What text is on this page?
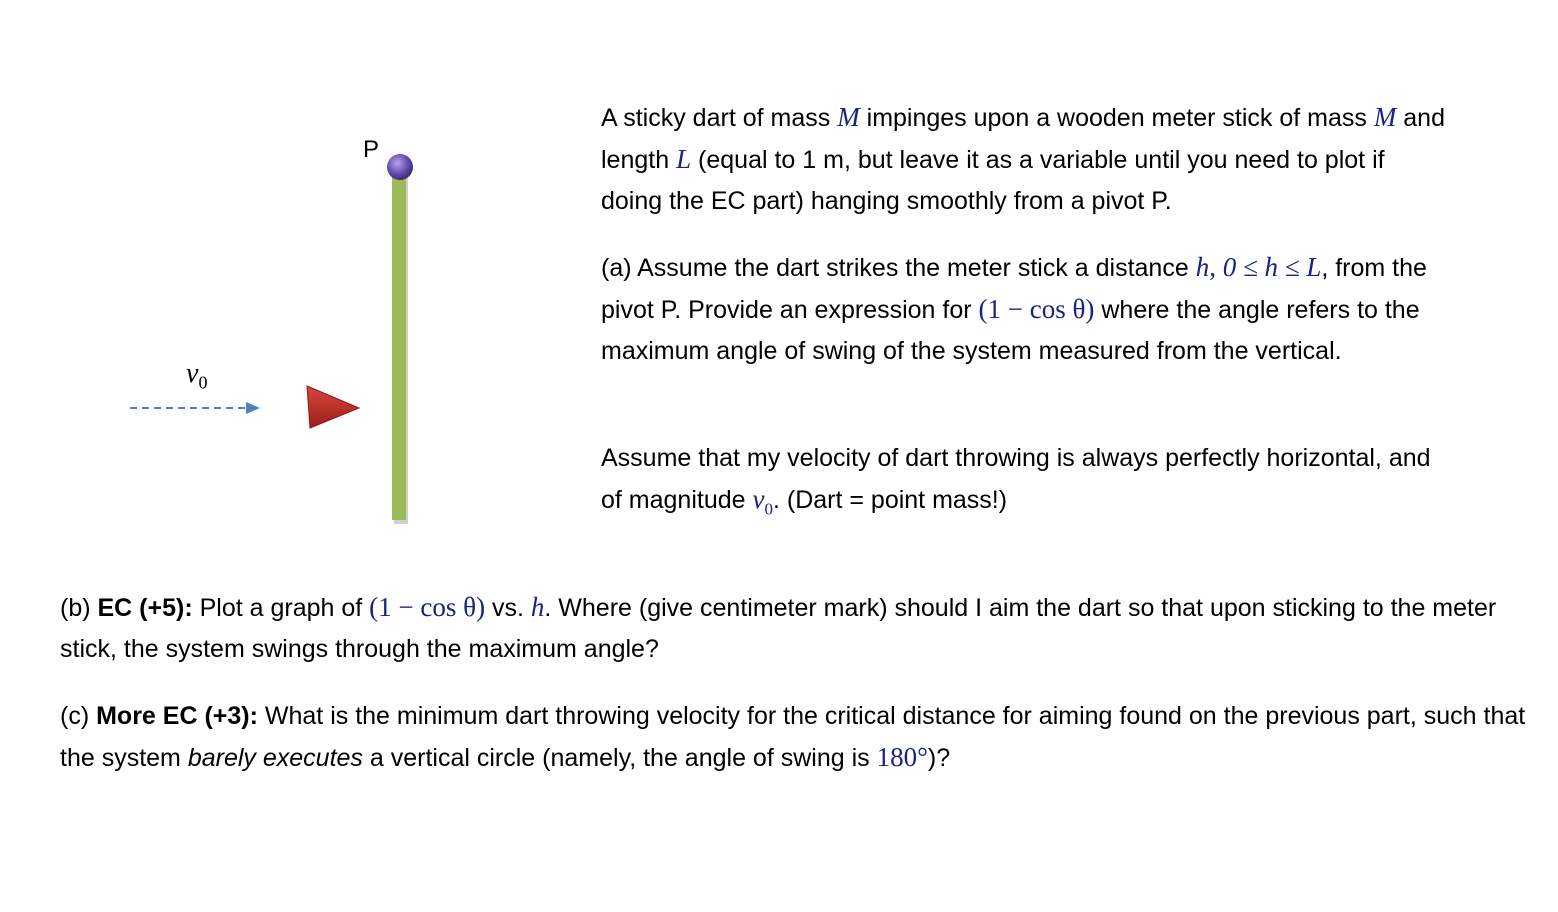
P
$v_0$

A sticky dart of mass M impinges upon a wooden meter stick of mass M and length L (equal to 1 m, but leave it as a variable until you need to plot if doing the EC part) hanging smoothly from a pivot P.

(a) Assume the dart strikes the meter stick a distance h, 0 ≤ h ≤ L, from the pivot P. Provide an expression for (1 − cos θ) where the angle refers to the maximum angle of swing of the system measured from the vertical.

Assume that my velocity of dart throwing is always perfectly horizontal, and of magnitude $v_0$. (Dart = point mass!)

(b) EC (+5): Plot a graph of (1 − cos θ) vs. h. Where (give centimeter mark) should I aim the dart so that upon sticking to the meter stick, the system swings through the maximum angle?

(c) More EC (+3): What is the minimum dart throwing velocity for the critical distance for aiming found on the previous part, such that the system barely executes a vertical circle (namely, the angle of swing is 180°)?
